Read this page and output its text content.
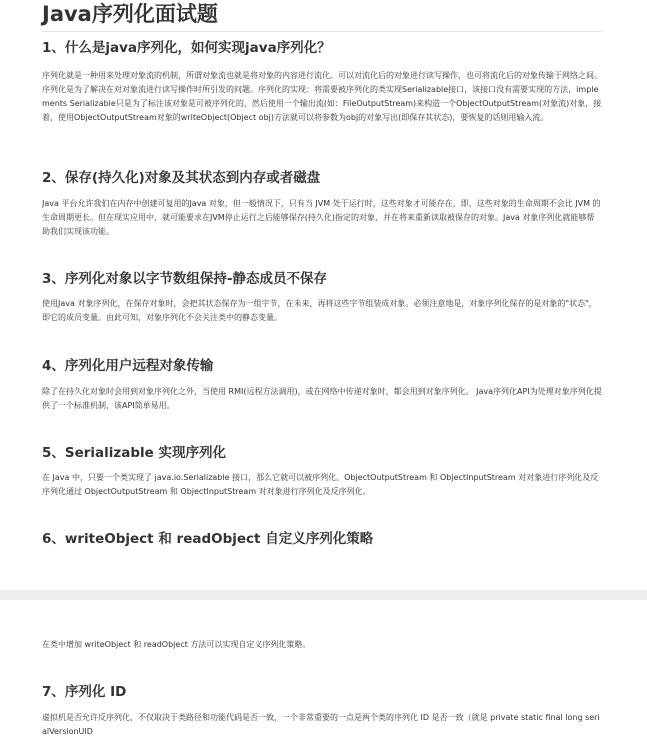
Java序列化面试题
1、什么是java序列化，如何实现java序列化？

序列化就是一种用来处理对象流的机制，所谓对象流也就是将对象的内容进行流化。可以对流化后的对象进行读写操作，也可将流化后的对象传输于网络之间。序列化是为了解决在对对象流进行读写操作时所引发的问题。序列化的实现：将需要被序列化的类实现Serializable接口，该接口没有需要实现的方法，implements Serializable只是为了标注该对象是可被序列化的，然后使用一个输出流(如：FileOutputStream)来构造一个ObjectOutputStream(对象流)对象，接着，使用ObjectOutputStream对象的writeObject(Object obj)方法就可以将参数为obj的对象写出(即保存其状态)，要恢复的话则用输入流。

2、保存(持久化)对象及其状态到内存或者磁盘

Java 平台允许我们在内存中创建可复用的Java 对象，但一般情况下，只有当 JVM 处于运行时，这些对象才可能存在，即，这些对象的生命周期不会比 JVM 的生命周期更长。但在现实应用中，就可能要求在JVM停止运行之后能够保存(持久化)指定的对象，并在将来重新读取被保存的对象。Java 对象序列化就能够帮助我们实现该功能。

3、序列化对象以字节数组保持-静态成员不保存

使用Java 对象序列化，在保存对象时，会把其状态保存为一组字节，在未来，再将这些字节组装成对象。必须注意地是，对象序列化保存的是对象的"状态"，即它的成员变量。由此可知，对象序列化不会关注类中的静态变量。

4、序列化用户远程对象传输

除了在持久化对象时会用到对象序列化之外，当使用 RMI(远程方法调用)，或在网络中传递对象时，都会用到对象序列化。 Java序列化API为处理对象序列化提供了一个标准机制，该API简单易用。

5、Serializable 实现序列化

在 Java 中，只要一个类实现了 java.io.Serializable 接口，那么它就可以被序列化。ObjectOutputStream 和 ObjectInputStream 对对象进行序列化及反序列化通过 ObjectOutputStream 和 ObjectInputStream 对对象进行序列化及反序列化。

6、writeObject 和 readObject 自定义序列化策略

在类中增加 writeObject 和 readObject 方法可以实现自定义序列化策略。

7、序列化 ID

虚拟机是否允许反序列化，不仅取决于类路径和功能代码是否一致，一个非常重要的一点是两个类的序列化 ID 是否一致（就是 private static final long serialVersionUID
